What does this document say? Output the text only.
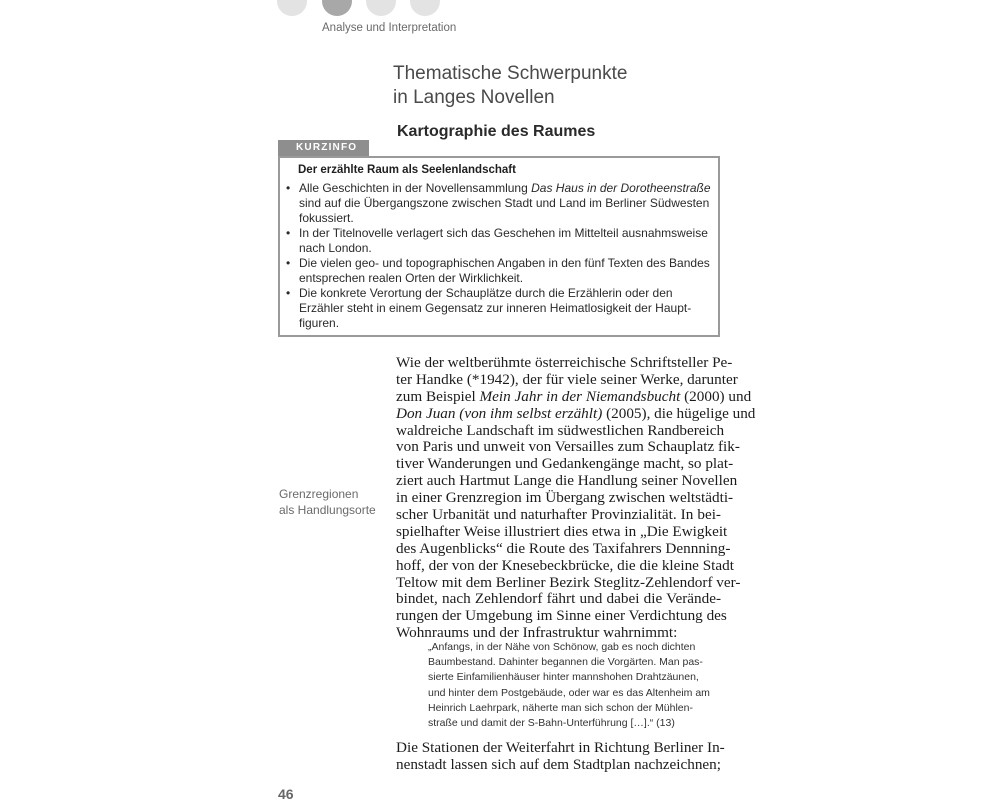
Analyse und Interpretation
Thematische Schwerpunkte
in Langes Novellen
Kartographie des Raumes
KURZINFO
Der erzählte Raum als Seelenlandschaft
• Alle Geschichten in der Novellensammlung Das Haus in der Dorotheenstraße
sind auf die Übergangszone zwischen Stadt und Land im Berliner Südwesten
fokussiert.
• In der Titelnovelle verlagert sich das Geschehen im Mittelteil ausnahmsweise
nach London.
• Die vielen geo- und topographischen Angaben in den fünf Texten des Bandes
entsprechen realen Orten der Wirklichkeit.
• Die konkrete Verortung der Schauplätze durch die Erzählerin oder den
Erzähler steht in einem Gegensatz zur inneren Heimatlosigkeit der Haupt-
figuren.
Grenzregionen
als Handlungsorte
Wie der weltberühmte österreichische Schriftsteller Pe-
ter Handke (*1942), der für viele seiner Werke, darunter
zum Beispiel Mein Jahr in der Niemandsbucht (2000) und
Don Juan (von ihm selbst erzählt) (2005), die hügelige und
waldreiche Landschaft im südwestlichen Randbereich
von Paris und unweit von Versailles zum Schauplatz fik-
tiver Wanderungen und Gedankengänge macht, so plat-
ziert auch Hartmut Lange die Handlung seiner Novellen
in einer Grenzregion im Übergang zwischen weltstädti-
scher Urbanität und naturhafter Provinzialität. In bei-
spielhafter Weise illustriert dies etwa in „Die Ewigkeit
des Augenblicks“ die Route des Taxifahrers Dennning-
hoff, der von der Knesebeckbrücke, die die kleine Stadt
Teltow mit dem Berliner Bezirk Steglitz-Zehlendorf ver-
bindet, nach Zehlendorf fährt und dabei die Verände-
rungen der Umgebung im Sinne einer Verdichtung des
Wohnraums und der Infrastruktur wahrnimmt:
„Anfangs, in der Nähe von Schönow, gab es noch dichten
Baumbestand. Dahinter begannen die Vorgärten. Man pas-
sierte Einfamilienhäuser hinter mannshohen Drahtzäunen,
und hinter dem Postgebäude, oder war es das Altenheim am
Heinrich Laehrpark, näherte man sich schon der Mühlen-
straße und damit der S-Bahn-Unterführung […].“ (13)
Die Stationen der Weiterfahrt in Richtung Berliner In-
nenstadt lassen sich auf dem Stadtplan nachzeichnen;
46
